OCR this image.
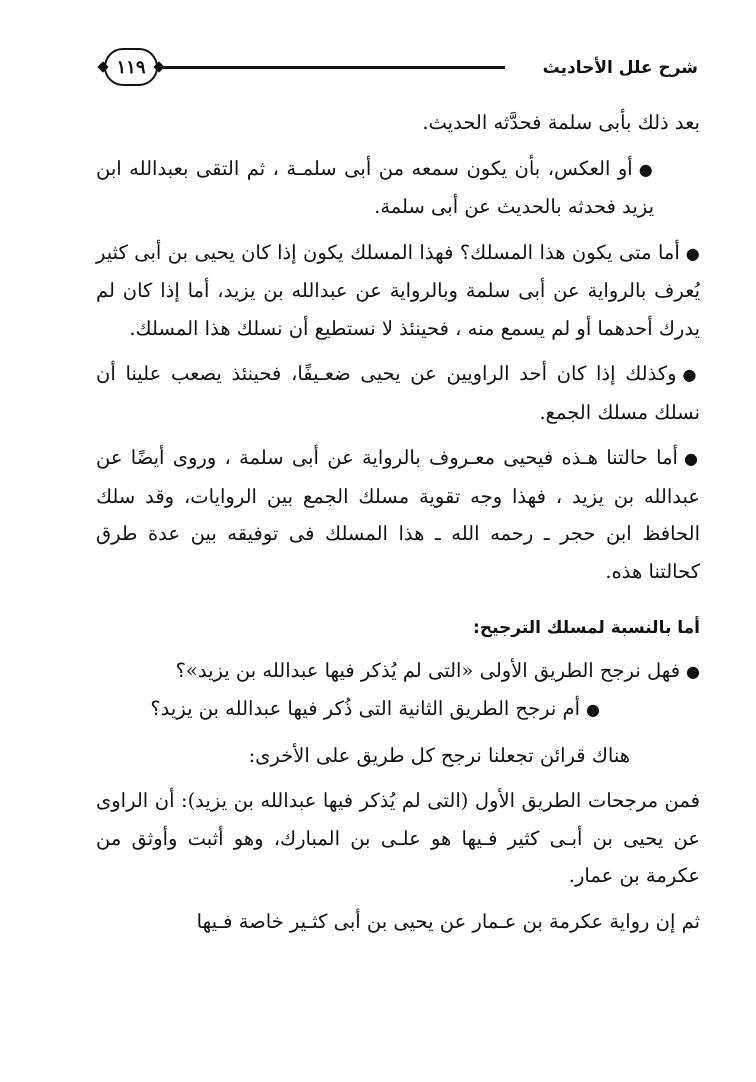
شرح علل الأحاديث
١١٩

بعد ذلك بأبى سلمة فحدَّثه الحديث.

●أو العكس، بأن يكون سمعه من أبى سلمـة ، ثم التقى بعبدالله ابن يزيد فحدثه بالحديث عن أبى سلمة.

●أما متى يكون هذا المسلك؟ فهذا المسلك يكون إذا كان يحيى بن أبى كثير يُعرف بالرواية عن أبى سلمة وبالرواية عن عبدالله بن يزيد، أما إذا كان لم يدرك أحدهما أو لم يسمع منه ، فحينئذ لا نستطيع أن نسلك هذا المسلك.

●وكذلك إذا كان أحد الراويين عن يحيى ضعـيفًا، فحينئذ يصعب علينا أن نسلك مسلك الجمع.

●أما حالتنا هـذه فيحيى معـروف بالرواية عن أبى سلمة ، وروى أيضًا عن عبدالله بن يزيد ، فهذا وجه تقوية مسلك الجمع بين الروايات، وقد سلك الحافظ ابن حجر ـ رحمه الله ـ هذا المسلك فى توفيقه بين عدة طرق كحالتنا هذه.

أما بالنسبة لمسلك الترجيح:

●فهل نرجح الطريق الأولى «التى لم يُذكر فيها عبدالله بن يزيد»؟

●أم نرجح الطريق الثانية التى ذُكر فيها عبدالله بن يزيد؟

هناك قرائن تجعلنا نرجح كل طريق على الأخرى:

فمن مرجحات الطريق الأول (التى لم يُذكر فيها عبدالله بن يزيد): أن الراوى عن يحيى بن أبـى كثير فـيها هو علـى بن المبارك، وهو أثبت وأوثق من عكرمة بن عمار.

ثم إن رواية عكرمة بن عـمار عن يحيى بن أبى كثـير خاصة فـيها
